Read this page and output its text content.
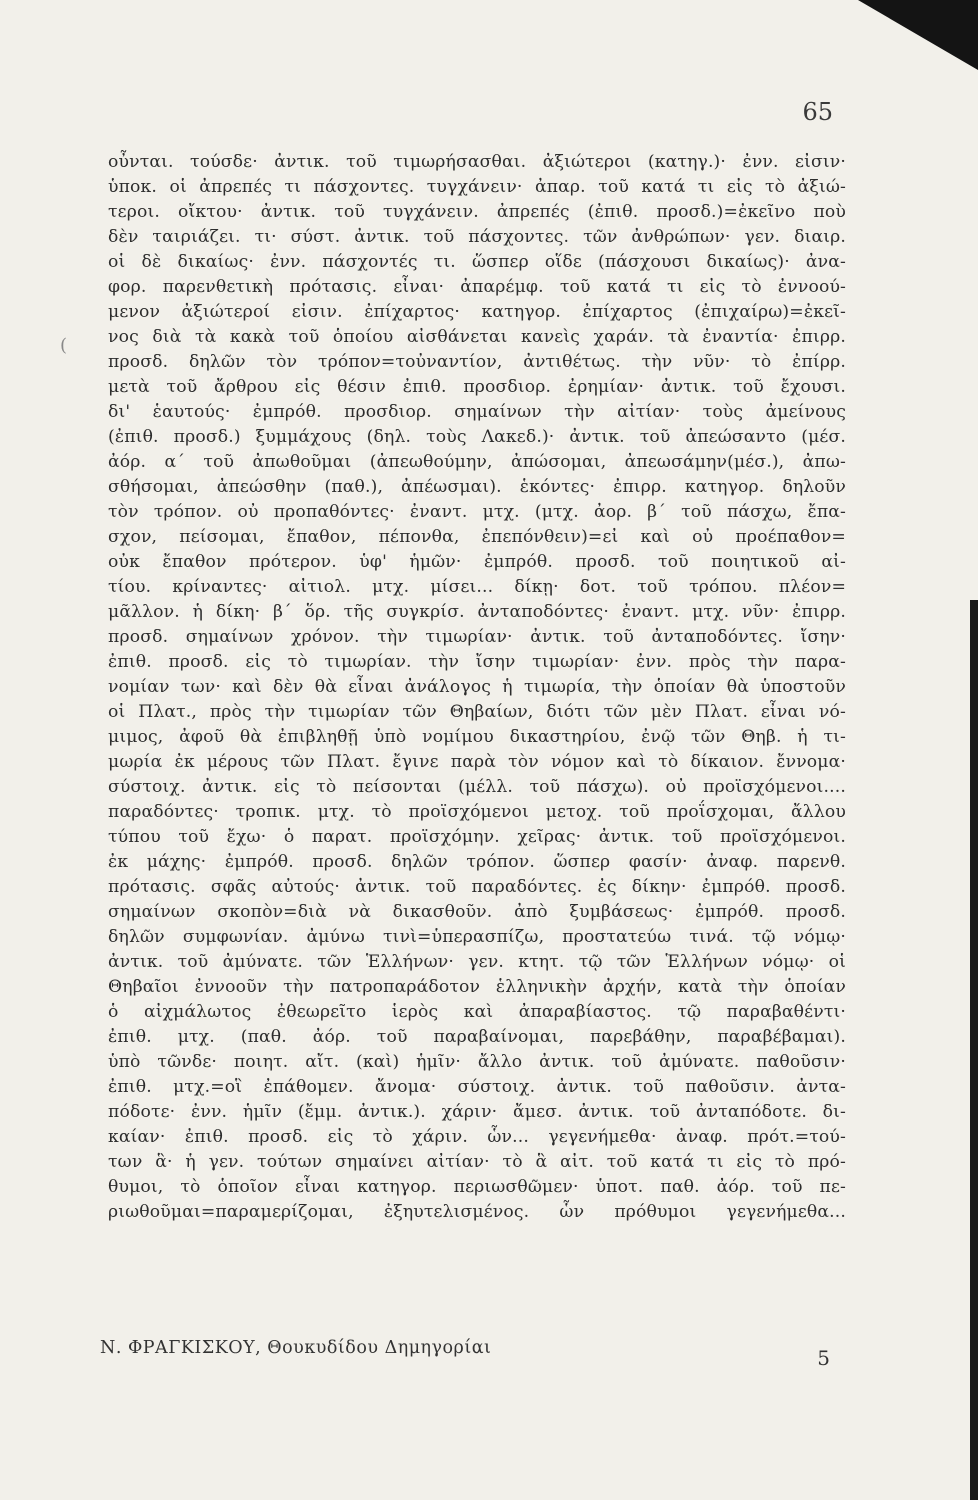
65
(
οὖνται. τούσδε· ἀντικ. τοῦ τιμωρήσασθαι. ἀξιώτεροι (κατηγ.)· ἐνν. εἰσιν·
ὑποκ. οἱ ἀπρεπές τι πάσχοντες. τυγχάνειν· ἀπαρ. τοῦ κατά τι εἰς τὸ ἀξιώ-
τεροι. οἴκτου· ἀντικ. τοῦ τυγχάνειν. ἀπρεπές (ἐπιθ. προσδ.)=ἐκεῖνο ποὺ
δὲν ταιριάζει. τι· σύστ. ἀντικ. τοῦ πάσχοντες. τῶν ἀνθρώπων· γεν. διαιρ.
οἱ δὲ δικαίως· ἐνν. πάσχοντές τι. ὥσπερ οἵδε (πάσχουσι δικαίως)· ἀνα-
φορ. παρενθετικὴ πρότασις. εἶναι· ἀπαρέμφ. τοῦ κατά τι εἰς τὸ ἐννοού-
μενον ἀξιώτεροί εἰσιν. ἐπίχαρτος· κατηγορ. ἐπίχαρτος (ἐπιχαίρω)=ἐκεῖ-
νος διὰ τὰ κακὰ τοῦ ὁποίου αἰσθάνεται κανεὶς χαράν. τὰ ἐναντία· ἐπιρρ.
προσδ. δηλῶν τὸν τρόπον=τοὐναντίον, ἀντιθέτως. τὴν νῦν· τὸ ἐπίρρ.
μετὰ τοῦ ἄρθρου εἰς θέσιν ἐπιθ. προσδιορ. ἐρημίαν· ἀντικ. τοῦ ἔχουσι.
δι' ἑαυτούς· ἐμπρόθ. προσδιορ. σημαίνων τὴν αἰτίαν· τοὺς ἀμείνους
(ἐπιθ. προσδ.) ξυμμάχους (δηλ. τοὺς Λακεδ.)· ἀντικ. τοῦ ἀπεώσαντο (μέσ.
ἀόρ. α΄ τοῦ ἀπωθοῦμαι (ἀπεωθούμην, ἀπώσομαι, ἀπεωσάμην(μέσ.), ἀπω-
σθήσομαι, ἀπεώσθην (παθ.), ἀπέωσμαι). ἑκόντες· ἐπιρρ. κατηγορ. δηλοῦν
τὸν τρόπον. οὐ προπαθόντες· ἐναντ. μτχ. (μτχ. ἀορ. β΄ τοῦ πάσχω, ἔπα-
σχον, πείσομαι, ἔπαθον, πέπονθα, ἐπεπόνθειν)=εἰ καὶ οὐ προέπαθον=
οὐκ ἔπαθον πρότερον. ὑφ' ἡμῶν· ἐμπρόθ. προσδ. τοῦ ποιητικοῦ αἰ-
τίου. κρίναντες· αἰτιολ. μτχ. μίσει... δίκῃ· δοτ. τοῦ τρόπου. πλέον=
μᾶλλον. ἡ δίκη· β΄ ὅρ. τῆς συγκρίσ. ἀνταποδόντες· ἐναντ. μτχ. νῦν· ἐπιρρ.
προσδ. σημαίνων χρόνον. τὴν τιμωρίαν· ἀντικ. τοῦ ἀνταποδόντες. ἴσην·
ἐπιθ. προσδ. εἰς τὸ τιμωρίαν. τὴν ἴσην τιμωρίαν· ἐνν. πρὸς τὴν παρα-
νομίαν των· καὶ δὲν θὰ εἶναι ἀνάλογος ἡ τιμωρία, τὴν ὁποίαν θὰ ὑποστοῦν
οἱ Πλατ., πρὸς τὴν τιμωρίαν τῶν Θηβαίων, διότι τῶν μὲν Πλατ. εἶναι νό-
μιμος, ἀφοῦ θὰ ἐπιβληθῇ ὑπὸ νομίμου δικαστηρίου, ἐνῷ τῶν Θηβ. ἡ τι-
μωρία ἐκ μέρους τῶν Πλατ. ἔγινε παρὰ τὸν νόμον καὶ τὸ δίκαιον. ἔννομα·
σύστοιχ. ἀντικ. εἰς τὸ πείσονται (μέλλ. τοῦ πάσχω). οὐ προϊσχόμενοι....
παραδόντες· τροπικ. μτχ. τὸ προϊσχόμενοι μετοχ. τοῦ προΐσχομαι, ἄλλου
τύπου τοῦ ἔχω· ὁ παρατ. προϊσχόμην. χεῖρας· ἀντικ. τοῦ προϊσχόμενοι.
ἐκ μάχης· ἐμπρόθ. προσδ. δηλῶν τρόπον. ὥσπερ φασίν· ἀναφ. παρενθ.
πρότασις. σφᾶς αὐτούς· ἀντικ. τοῦ παραδόντες. ἐς δίκην· ἐμπρόθ. προσδ.
σημαίνων σκοπὸν=διὰ νὰ δικασθοῦν. ἀπὸ ξυμβάσεως· ἐμπρόθ. προσδ.
δηλῶν συμφωνίαν. ἀμύνω τινὶ=ὑπερασπίζω, προστατεύω τινά. τῷ νόμῳ·
ἀντικ. τοῦ ἀμύνατε. τῶν Ἑλλήνων· γεν. κτητ. τῷ τῶν Ἑλλήνων νόμῳ· οἱ
Θηβαῖοι ἐννοοῦν τὴν πατροπαράδοτον ἑλληνικὴν ἀρχήν, κατὰ τὴν ὁποίαν
ὁ αἰχμάλωτος ἐθεωρεῖτο ἱερὸς καὶ ἀπαραβίαστος. τῷ παραβαθέντι·
ἐπιθ. μτχ. (παθ. ἀόρ. τοῦ παραβαίνομαι, παρεβάθην, παραβέβαμαι).
ὑπὸ τῶνδε· ποιητ. αἴτ. (καὶ) ἡμῖν· ἄλλο ἀντικ. τοῦ ἀμύνατε. παθοῦσιν·
ἐπιθ. μτχ.=οἳ ἐπάθομεν. ἄνομα· σύστοιχ. ἀντικ. τοῦ παθοῦσιν. ἀντα-
πόδοτε· ἐνν. ἡμῖν (ἔμμ. ἀντικ.). χάριν· ἄμεσ. ἀντικ. τοῦ ἀνταπόδοτε. δι-
καίαν· ἐπιθ. προσδ. εἰς τὸ χάριν. ὧν... γεγενήμεθα· ἀναφ. πρότ.=τού-
των ἃ· ἡ γεν. τούτων σημαίνει αἰτίαν· τὸ ἃ αἰτ. τοῦ κατά τι εἰς τὸ πρό-
θυμοι, τὸ ὁποῖον εἶναι κατηγορ. περιωσθῶμεν· ὑποτ. παθ. ἀόρ. τοῦ πε-
ριωθοῦμαι=παραμερίζομαι, ἐξηυτελισμένος. ὧν πρόθυμοι γεγενήμεθα...
Ν. ΦΡΑΓΚΙΣΚΟΥ, Θουκυδίδου Δημηγορίαι	5
